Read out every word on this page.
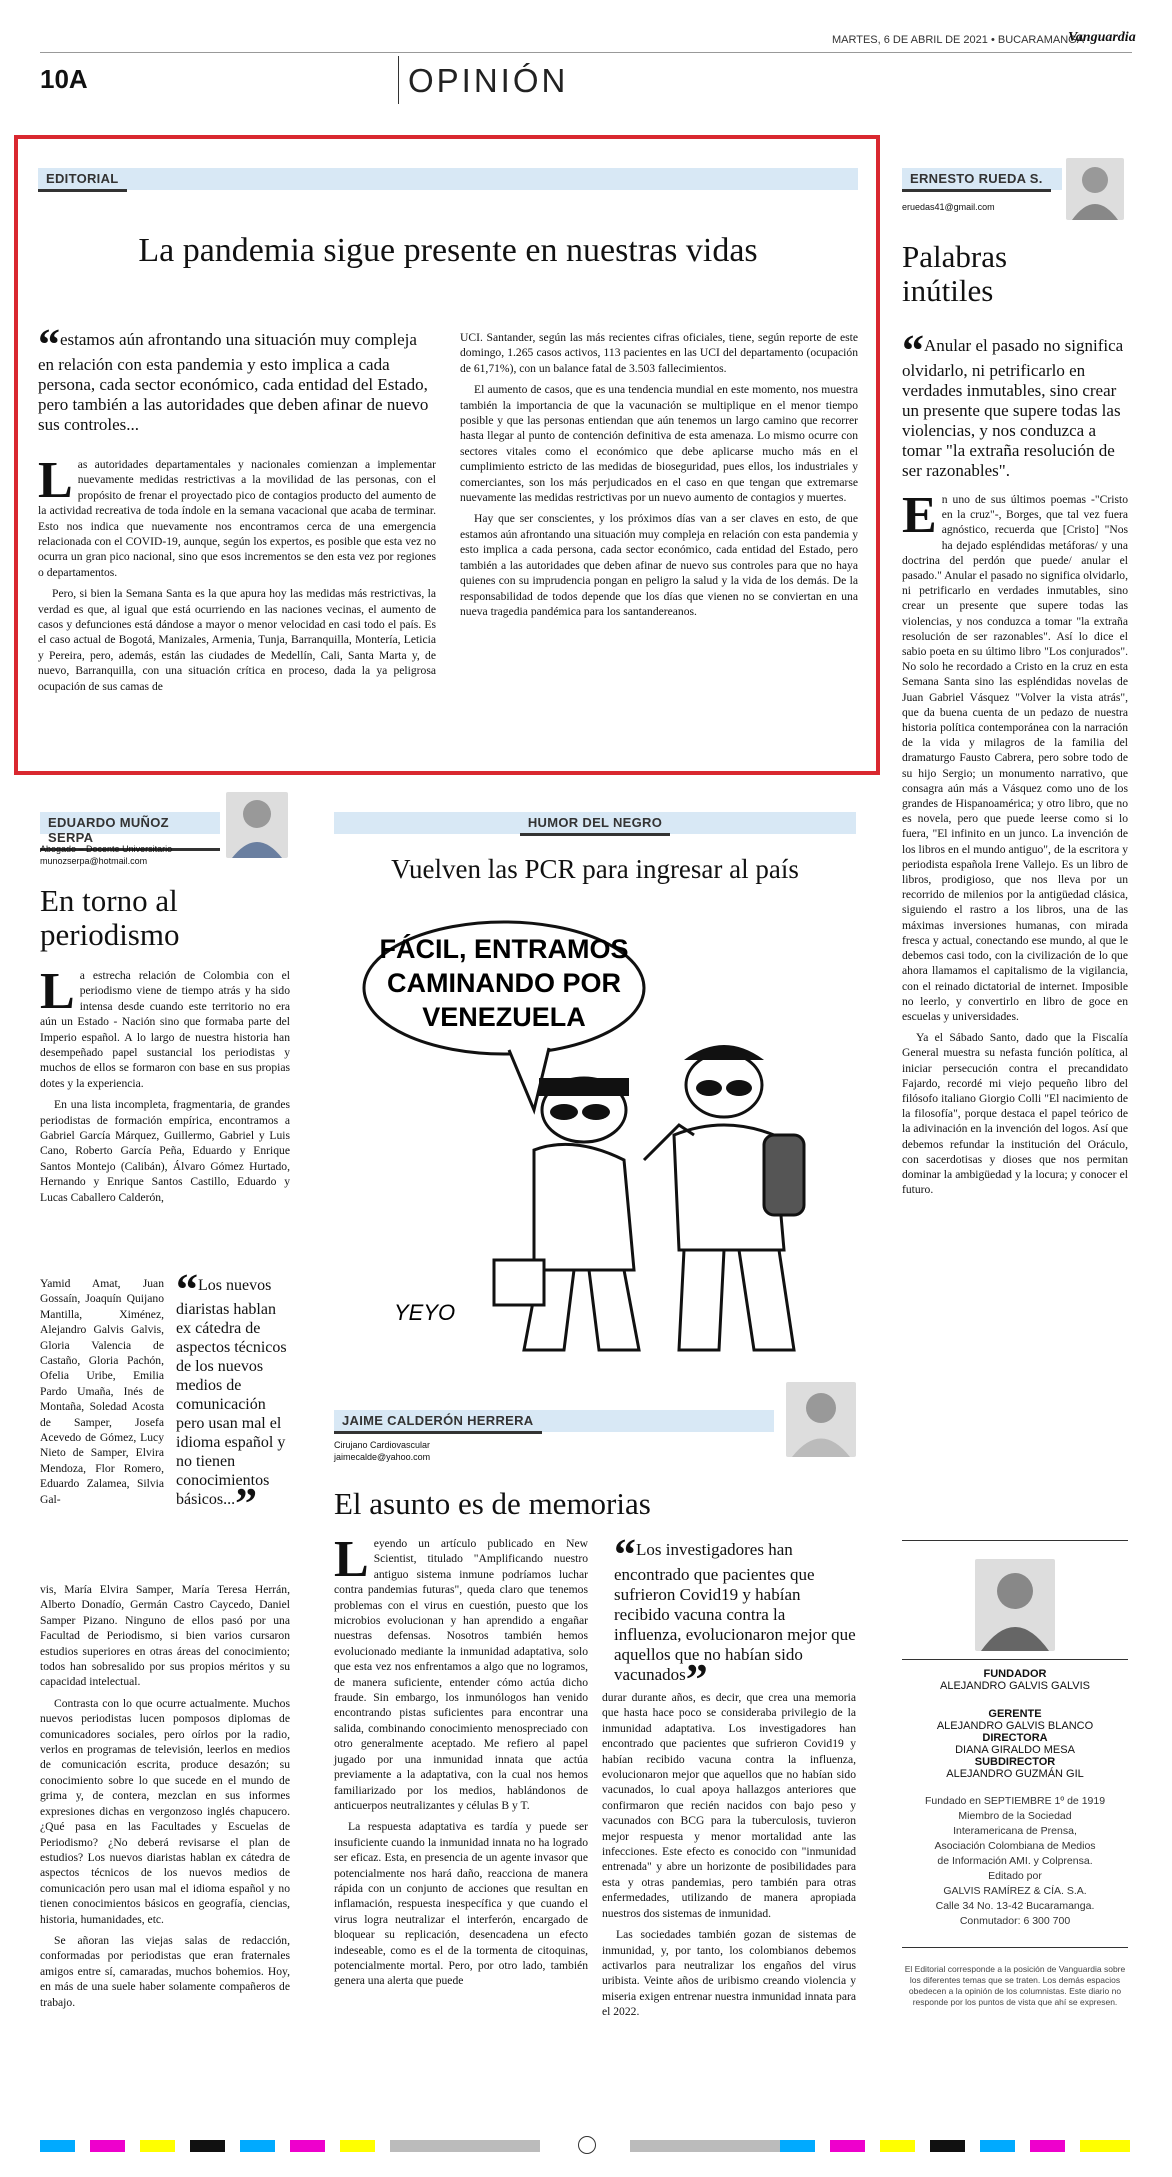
MARTES, 6 DE ABRIL DE 2021 • BUCARAMANGA
Vanguardia
10A	OPINIÓN
EDITORIAL
La pandemia sigue presente en nuestras vidas
“estamos aún afrontando una situación muy compleja en relación con esta pandemia y esto implica a cada persona, cada sector económico, cada entidad del Estado, pero también a las autoridades que deben afinar de nuevo sus controles...

Las autoridades departamentales y nacionales comienzan a implementar nuevamente medidas restrictivas a la movilidad de las personas, con el propósito de frenar el proyectado pico de contagios producto del aumento de la actividad recreativa de toda índole en la semana vacacional que acaba de terminar. Esto nos indica que nuevamente nos encontramos cerca de una emergencia relacionada con el COVID-19, aunque, según los expertos, es posible que esta vez no ocurra un gran pico nacional, sino que esos incrementos se den esta vez por regiones o departamentos.

Pero, si bien la Semana Santa es la que apura hoy las medidas más restrictivas, la verdad es que, al igual que está ocurriendo en las naciones vecinas, el aumento de casos y defunciones está dándose a mayor o menor velocidad en casi todo el país. Es el caso actual de Bogotá, Manizales, Armenia, Tunja, Barranquilla, Montería, Leticia y Pereira, pero, además, están las ciudades de Medellín, Cali, Santa Marta y, de nuevo, Barranquilla, con una situación crítica en proceso, dada la ya peligrosa ocupación de sus camas de

UCI. Santander, según las más recientes cifras oficiales, tiene, según reporte de este domingo, 1.265 casos activos, 113 pacientes en las UCI del departamento (ocupación de 61,71%), con un balance fatal de 3.503 fallecimientos.

El aumento de casos, que es una tendencia mundial en este momento, nos muestra también la importancia de que la vacunación se multiplique en el menor tiempo posible y que las personas entiendan que aún tenemos un largo camino que recorrer hasta llegar al punto de contención definitiva de esta amenaza. Lo mismo ocurre con sectores vitales como el económico que debe aplicarse mucho más en el cumplimiento estricto de las medidas de bioseguridad, pues ellos, los industriales y comerciantes, son los más perjudicados en el caso en que tengan que extremarse nuevamente las medidas restrictivas por un nuevo aumento de contagios y muertes.

Hay que ser conscientes, y los próximos días van a ser claves en esto, de que estamos aún afrontando una situación muy compleja en relación con esta pandemia y esto implica a cada persona, cada sector económico, cada entidad del Estado, pero también a las autoridades que deben afinar de nuevo sus controles para que no haya quienes con su imprudencia pongan en peligro la salud y la vida de los demás. De la responsabilidad de todos depende que los días que vienen no se conviertan en una nueva tragedia pandémica para los santandereanos.

ERNESTO RUEDA S.
eruedas41@gmail.com
Palabras inútiles
“Anular el pasado no significa olvidarlo, ni petrificarlo en verdades inmutables, sino crear un presente que supere todas las violencias, y nos conduzca a tomar "la extraña resolución de ser razonables".

En uno de sus últimos poemas -"Cristo en la cruz"-, Borges, que tal vez fuera agnóstico, recuerda que [Cristo] "Nos ha dejado espléndidas metáforas/ y una doctrina del perdón que puede/ anular el pasado." Anular el pasado no significa olvidarlo, ni petrificarlo en verdades inmutables, sino crear un presente que supere todas las violencias, y nos conduzca a tomar "la extraña resolución de ser razonables". Así lo dice el sabio poeta en su último libro "Los conjurados". No solo he recordado a Cristo en la cruz en esta Semana Santa sino las espléndidas novelas de Juan Gabriel Vásquez "Volver la vista atrás", que da buena cuenta de un pedazo de nuestra historia política contemporánea con la narración de la vida y milagros de la familia del dramaturgo Fausto Cabrera, pero sobre todo de su hijo Sergio; un monumento narrativo, que consagra aún más a Vásquez como uno de los grandes de Hispanoamérica; y otro libro, que no es novela, pero que puede leerse como si lo fuera, "El infinito en un junco. La invención de los libros en el mundo antiguo", de la escritora y periodista española Irene Vallejo. Es un libro de libros, prodigioso, que nos lleva por un recorrido de milenios por la antigüedad clásica, siguiendo el rastro a los libros, una de las máximas inversiones humanas, con mirada fresca y actual, conectando ese mundo, al que le debemos casi todo, con la civilización de lo que ahora llamamos el capitalismo de la vigilancia, con el reinado dictatorial de internet. Imposible no leerlo, y convertirlo en libro de goce en escuelas y universidades.

Ya el Sábado Santo, dado que la Fiscalía General muestra su nefasta función política, al iniciar persecución contra el precandidato Fajardo, recordé mi viejo pequeño libro del filósofo italiano Giorgio Colli "El nacimiento de la filosofía", porque destaca el papel teórico de la adivinación en la invención del logos. Así que debemos refundar la institución del Oráculo, con sacerdotisas y dioses que nos permitan dominar la ambigüedad y la locura; y conocer el futuro.

EDUARDO MUÑOZ SERPA
Abogado – Docente Universitario
munozserpa@hotmail.com
En torno al periodismo

La estrecha relación de Colombia con el periodismo viene de tiempo atrás y ha sido intensa desde cuando este territorio no era aún un Estado - Nación sino que formaba parte del Imperio español. A lo largo de nuestra historia han desempeñado papel sustancial los periodistas y muchos de ellos se formaron con base en sus propias dotes y la experiencia.

En una lista incompleta, fragmentaria, de grandes periodistas de formación empírica, encontramos a Gabriel García Márquez, Guillermo, Gabriel y Luis Cano, Roberto García Peña, Eduardo y Enrique Santos Montejo (Calibán), Álvaro Gómez Hurtado, Hernando y Enrique Santos Castillo, Eduardo y Lucas Caballero Calderón,

Yamid Amat, Juan Gossaín, Joaquín Quijano Mantilla, Ximénez, Alejandro Galvis Galvis, Gloria Valencia de Castaño, Gloria Pachón, Ofelia Uribe, Emilia Pardo Umaña, Inés de Montaña, Soledad Acosta de Samper, Josefa Acevedo de Gómez, Lucy Nieto de Samper, Elvira Mendoza, Flor Romero, Eduardo Zalamea, Silvia Gal-

“Los nuevos diaristas hablan ex cátedra de aspectos técnicos de los nuevos medios de comunicación pero usan mal el idioma español y no tienen conocimientos básicos...”

vis, María Elvira Samper, María Teresa Herrán, Alberto Donadío, Germán Castro Caycedo, Daniel Samper Pizano. Ninguno de ellos pasó por una Facultad de Periodismo, si bien varios cursaron estudios superiores en otras áreas del conocimiento; todos han sobresalido por sus propios méritos y su capacidad intelectual.

Contrasta con lo que ocurre actualmente. Muchos nuevos periodistas lucen pomposos diplomas de comunicadores sociales, pero oírlos por la radio, verlos en programas de televisión, leerlos en medios de comunicación escrita, produce desazón; su conocimiento sobre lo que sucede en el mundo de grima y, de contera, mezclan en sus informes expresiones dichas en vergonzoso inglés chapucero. ¿Qué pasa en las Facultades y Escuelas de Periodismo? ¿No deberá revisarse el plan de estudios? Los nuevos diaristas hablan ex cátedra de aspectos técnicos de los nuevos medios de comunicación pero usan mal el idioma español y no tienen conocimientos básicos en geografía, ciencias, historia, humanidades, etc.

Se añoran las viejas salas de redacción, conformadas por periodistas que eran fraternales amigos entre sí, camaradas, muchos bohemios. Hoy, en más de una suele haber solamente compañeros de trabajo.

HUMOR DEL NEGRO
Vuelven las PCR para ingresar al país
FÁCIL, ENTRAMOS
CAMINANDO POR
VENEZUELA
YEYO
JAIME CALDERÓN HERRERA
Cirujano Cardiovascular
jaimecalde@yahoo.com
El asunto es de memorias
“Los investigadores han encontrado que pacientes que sufrieron Covid19 y habían recibido vacuna contra la influenza, evolucionaron mejor que aquellos que no habían sido vacunados”

Leyendo un artículo publicado en New Scientist, titulado "Amplificando nuestro antiguo sistema inmune podríamos luchar contra pandemias futuras", queda claro que tenemos problemas con el virus en cuestión, puesto que los microbios evolucionan y han aprendido a engañar nuestras defensas. Nosotros también hemos evolucionado mediante la inmunidad adaptativa, solo que esta vez nos enfrentamos a algo que no logramos, de manera suficiente, entender cómo actúa dicho fraude. Sin embargo, los inmunólogos han venido encontrando pistas suficientes para encontrar una salida, combinando conocimiento menospreciado con otro generalmente aceptado. Me refiero al papel jugado por una inmunidad innata que actúa previamente a la adaptativa, con la cual nos hemos familiarizado por los medios, hablándonos de anticuerpos neutralizantes y células B y T.

La respuesta adaptativa es tardía y puede ser insuficiente cuando la inmunidad innata no ha logrado ser eficaz. Esta, en presencia de un agente invasor que potencialmente nos hará daño, reacciona de manera rápida con un conjunto de acciones que resultan en inflamación, respuesta inespecífica y que cuando el virus logra neutralizar el interferón, encargado de bloquear su replicación, desencadena un efecto indeseable, como es el de la tormenta de citoquinas, potencialmente mortal. Pero, por otro lado, también genera una alerta que puede

durar durante años, es decir, que crea una memoria que hasta hace poco se consideraba privilegio de la inmunidad adaptativa. Los investigadores han encontrado que pacientes que sufrieron Covid19 y habían recibido vacuna contra la influenza, evolucionaron mejor que aquellos que no habían sido vacunados, lo cual apoya hallazgos anteriores que confirmaron que recién nacidos con bajo peso y vacunados con BCG para la tuberculosis, tuvieron mejor respuesta y menor mortalidad ante las infecciones. Este efecto es conocido con "inmunidad entrenada" y abre un horizonte de posibilidades para esta y otras pandemias, pero también para otras enfermedades, utilizando de manera apropiada nuestros dos sistemas de inmunidad.

Las sociedades también gozan de sistemas de inmunidad, y, por tanto, los colombianos debemos activarlos para neutralizar los engaños del virus uribista. Veinte años de uribismo creando violencia y miseria exigen entrenar nuestra inmunidad innata para el 2022.

FUNDADOR
ALEJANDRO GALVIS GALVIS
GERENTE
ALEJANDRO GALVIS BLANCO
DIRECTORA
DIANA GIRALDO MESA
SUBDIRECTOR
ALEJANDRO GUZMÁN GIL
Fundado en SEPTIEMBRE 1º de 1919
Miembro de la Sociedad
Interamericana de Prensa,
Asociación Colombiana de Medios
de Información AMI. y Colprensa.
Editado por
GALVIS RAMÍREZ & CÍA. S.A.
Calle 34 No. 13-42 Bucaramanga.
Conmutador: 6 300 700
El Editorial corresponde a la posición de Vanguardia sobre los diferentes temas que se traten. Los demás espacios obedecen a la opinión de los columnistas. Este diario no responde por los puntos de vista que ahí se expresen.
